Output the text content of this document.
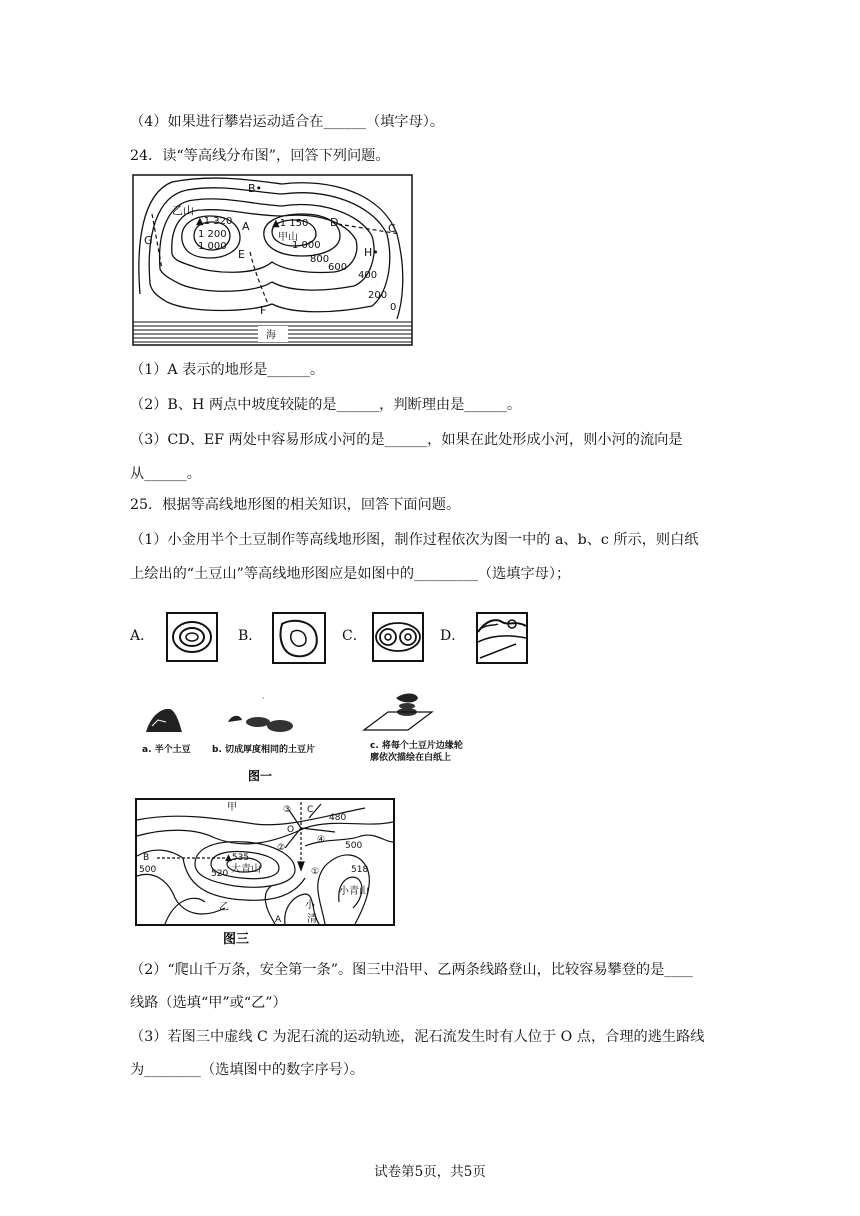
（4）如果进行攀岩运动适合在______（填字母）。
24．读“等高线分布图”，回答下列问题。
B•
乙山
▲1 320
1 200
1 000
A ▲1 150
甲山
D	C
G
E
1 000
800
600
H•
400
200
0
F
海
（1）A 表示的地形是______。
（2）B、H 两点中坡度较陡的是______，判断理由是______。
（3）CD、EF 两处中容易形成小河的是______，如果在此处形成小河，则小河的流向是
从______。
25．根据等高线地形图的相关知识，回答下面问题。
（1）小金用半个土豆制作等高线地形图，制作过程依次为图一中的 a、b、c 所示，则白纸
上绘出的“土豆山”等高线地形图应是如图中的_________（选填字母）；
A．	B．	C．	D．
·
a. 半个土豆 b. 切成厚度相同的土豆片	c. 将每个土豆片边缘轮
廓依次描绘在白纸上
图一
甲	③ C
480
O
②
④
500
B	▲535
大青山
500	520	①	518
小青山
乙
A
小
清
图三
（2）“爬山千万条，安全第一条”。图三中沿甲、乙两条线路登山，比较容易攀登的是____
线路（选填“甲”或“乙”）
（3）若图三中虚线 C 为泥石流的运动轨迹，泥石流发生时有人位于 O 点，合理的逃生路线
为________（选填图中的数字序号）。
试卷第5页，共5页
